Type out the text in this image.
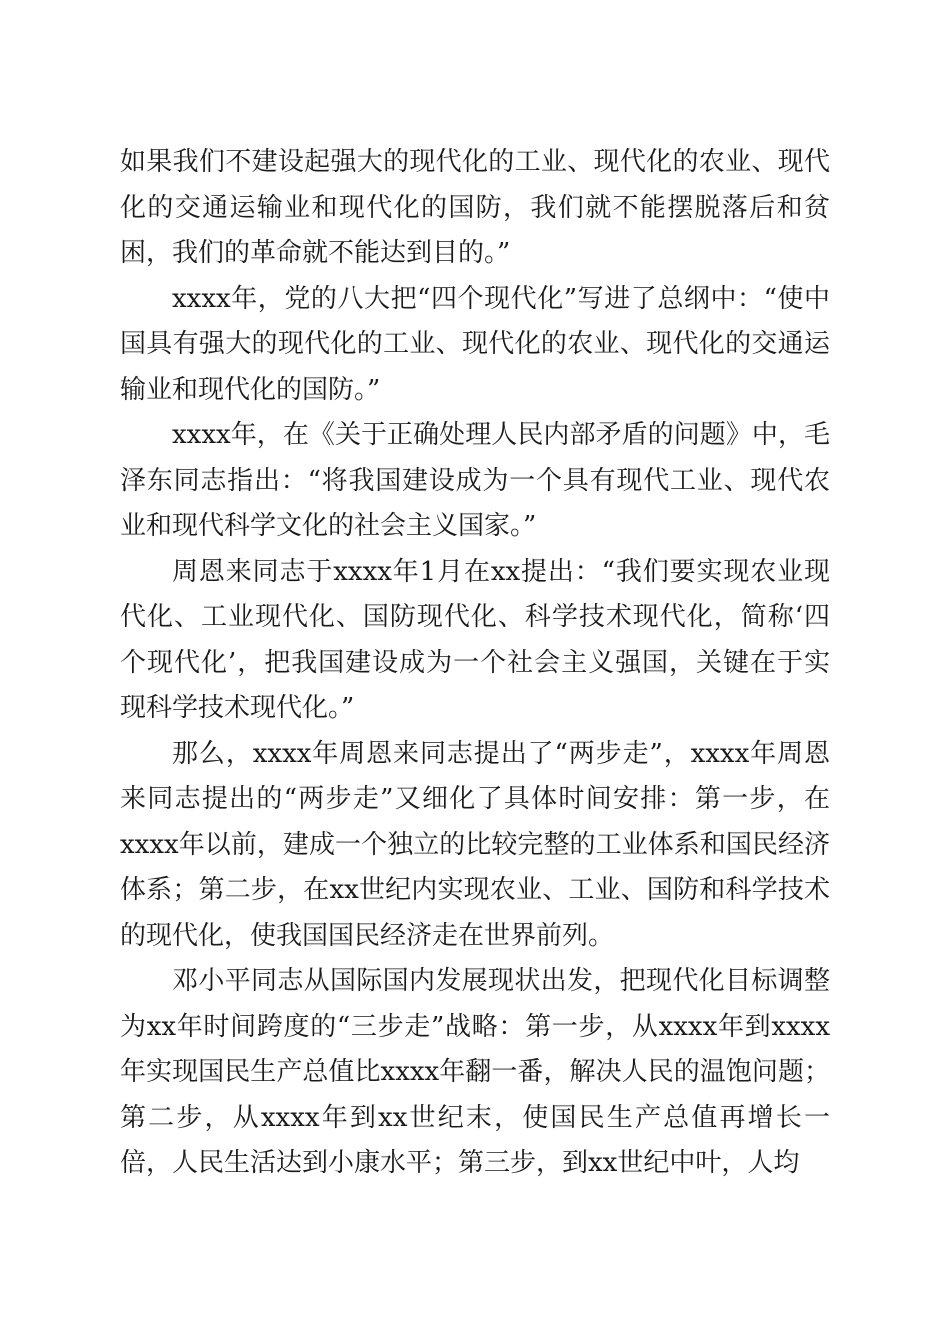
如果我们不建设起强大的现代化的工业、现代化的农业、现代化的交通运输业和现代化的国防，我们就不能摆脱落后和贫困，我们的革命就不能达到目的。”

xxxx年，党的八大把“四个现代化”写进了总纲中：“使中国具有强大的现代化的工业、现代化的农业、现代化的交通运输业和现代化的国防。”

xxxx年，在《关于正确处理人民内部矛盾的问题》中，毛泽东同志指出：“将我国建设成为一个具有现代工业、现代农业和现代科学文化的社会主义国家。”

周恩来同志于xxxx年1月在xx提出：“我们要实现农业现代化、工业现代化、国防现代化、科学技术现代化，简称‘四个现代化’，把我国建设成为一个社会主义强国，关键在于实现科学技术现代化。”

那么，xxxx年周恩来同志提出了“两步走”，xxxx年周恩来同志提出的“两步走”又细化了具体时间安排：第一步，在xxxx年以前，建成一个独立的比较完整的工业体系和国民经济体系；第二步，在xx世纪内实现农业、工业、国防和科学技术的现代化，使我国国民经济走在世界前列。

邓小平同志从国际国内发展现状出发，把现代化目标调整为xx年时间跨度的“三步走”战略：第一步，从xxxx年到xxxx年实现国民生产总值比xxxx年翻一番，解决人民的温饱问题；第二步，从xxxx年到xx世纪末，使国民生产总值再增长一倍，人民生活达到小康水平；第三步，到xx世纪中叶，人均
